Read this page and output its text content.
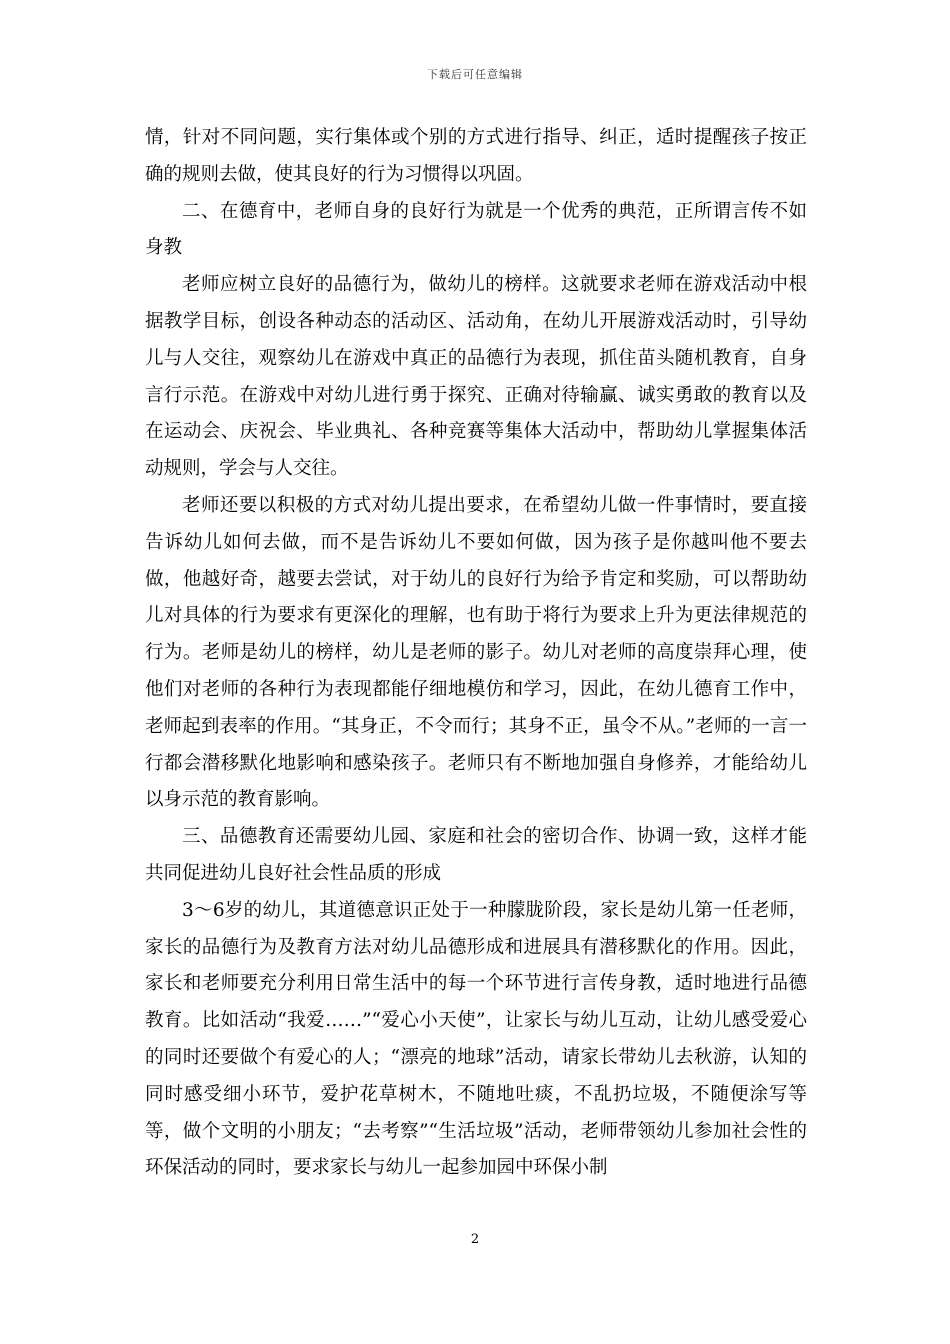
下载后可任意编辑

情，针对不同问题，实行集体或个别的方式进行指导、纠正，适时提醒孩子按正确的规则去做，使其良好的行为习惯得以巩固。

二、在德育中，老师自身的良好行为就是一个优秀的典范，正所谓言传不如身教

老师应树立良好的品德行为，做幼儿的榜样。这就要求老师在游戏活动中根据教学目标，创设各种动态的活动区、活动角，在幼儿开展游戏活动时，引导幼儿与人交往，观察幼儿在游戏中真正的品德行为表现，抓住苗头随机教育，自身言行示范。在游戏中对幼儿进行勇于探究、正确对待输赢、诚实勇敢的教育以及在运动会、庆祝会、毕业典礼、各种竞赛等集体大活动中，帮助幼儿掌握集体活动规则，学会与人交往。

老师还要以积极的方式对幼儿提出要求，在希望幼儿做一件事情时，要直接告诉幼儿如何去做，而不是告诉幼儿不要如何做，因为孩子是你越叫他不要去做，他越好奇，越要去尝试，对于幼儿的良好行为给予肯定和奖励，可以帮助幼儿对具体的行为要求有更深化的理解，也有助于将行为要求上升为更法律规范的行为。老师是幼儿的榜样，幼儿是老师的影子。幼儿对老师的高度崇拜心理，使他们对老师的各种行为表现都能仔细地模仿和学习，因此，在幼儿德育工作中，老师起到表率的作用。“其身正，不令而行；其身不正，虽令不从。”老师的一言一行都会潜移默化地影响和感染孩子。老师只有不断地加强自身修养，才能给幼儿以身示范的教育影响。

三、品德教育还需要幼儿园、家庭和社会的密切合作、协调一致，这样才能共同促进幼儿良好社会性品质的形成

3～6岁的幼儿，其道德意识正处于一种朦胧阶段，家长是幼儿第一任老师，家长的品德行为及教育方法对幼儿品德形成和进展具有潜移默化的作用。因此，家长和老师要充分利用日常生活中的每一个环节进行言传身教，适时地进行品德教育。比如活动“我爱……”“爱心小天使”，让家长与幼儿互动，让幼儿感受爱心的同时还要做个有爱心的人；“漂亮的地球”活动，请家长带幼儿去秋游，认知的同时感受细小环节，爱护花草树木，不随地吐痰，不乱扔垃圾，不随便涂写等等，做个文明的小朋友；“去考察”“生活垃圾”活动，老师带领幼儿参加社会性的环保活动的同时，要求家长与幼儿一起参加园中环保小制

2
